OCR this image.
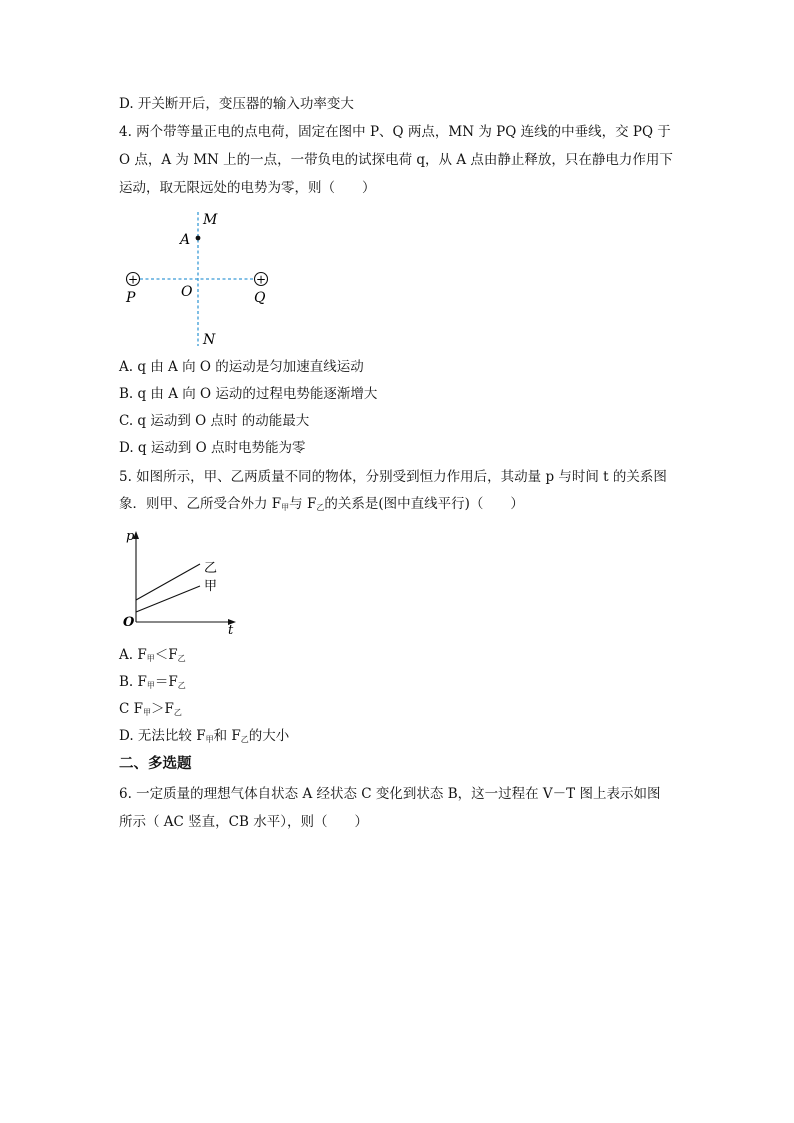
D. 开关断开后，变压器的输入功率变大
4. 两个带等量正电的点电荷，固定在图中 P、Q 两点，MN 为 PQ 连线的中垂线，交 PQ 于
O 点，A 为 MN 上的一点，一带负电的试探电荷 q，从 A 点由静止释放，只在静电力作用下
运动，取无限远处的电势为零，则（　　）
+	+
M
A
O
P	Q
N
A. q 由 A 向 O 的运动是匀加速直线运动
B. q 由 A 向 O 运动的过程电势能逐渐增大
C. q 运动到 O 点时 的动能最大
D. q 运动到 O 点时电势能为零
5. 如图所示，甲、乙两质量不同的物体，分别受到恒力作用后，其动量 p 与时间 t 的关系图
象．则甲、乙所受合外力 $F_甲$与 $F_乙$的关系是(图中直线平行)（　　）
p
t
O
乙
甲
A. $F_甲<F_乙$
B. $F_甲=F_乙$
C $F_甲>F_乙$
D. 无法比较 $F_甲$和 $F_乙$的大小
二、多选题
6. 一定质量的理想气体自状态 A 经状态 C 变化到状态 B，这一过程在 V－T 图上表示如图
所示（ AC 竖直，CB 水平），则（　　）
